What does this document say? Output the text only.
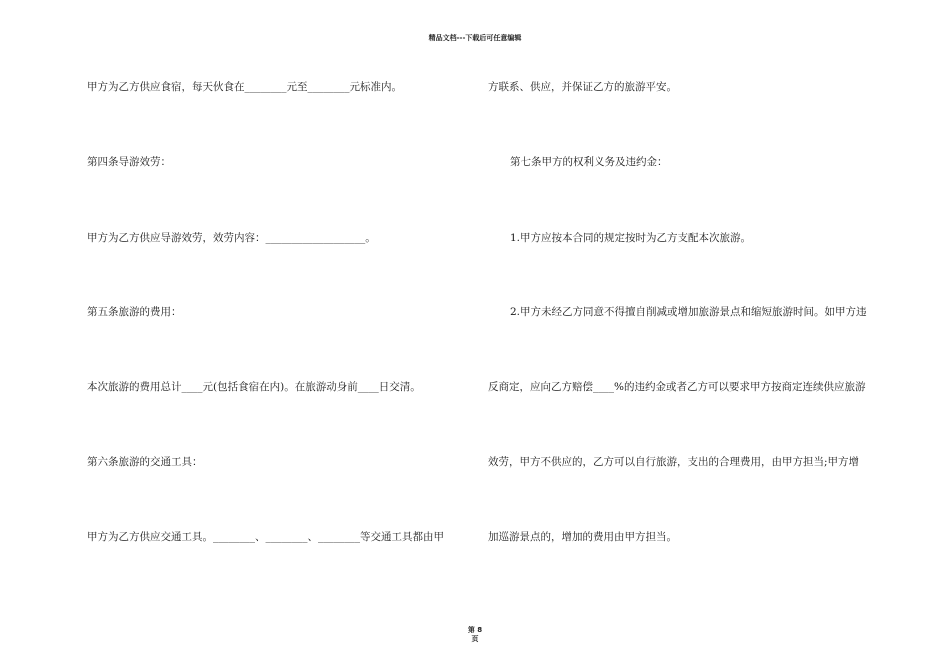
精品文档---下载后可任意编辑
甲方为乙方供应食宿，每天伙食在________元至________元标准内。
第四条导游效劳：
甲方为乙方供应导游效劳，效劳内容：___________________。
第五条旅游的费用：
本次旅游的费用总计____元(包括食宿在内)。在旅游动身前____日交清。
第六条旅游的交通工具：
甲方为乙方供应交通工具。________、________、________等交通工具都由甲
方联系、供应，并保证乙方的旅游平安。
第七条甲方的权利义务及违约金：
1.甲方应按本合同的规定按时为乙方支配本次旅游。
2.甲方未经乙方同意不得擅自削减或增加旅游景点和缩短旅游时间。如甲方违
反商定，应向乙方赔偿____%的违约金或者乙方可以要求甲方按商定连续供应旅游
效劳，甲方不供应的，乙方可以自行旅游，支出的合理费用，由甲方担当;甲方增
加巡游景点的，增加的费用由甲方担当。
第 8
页
